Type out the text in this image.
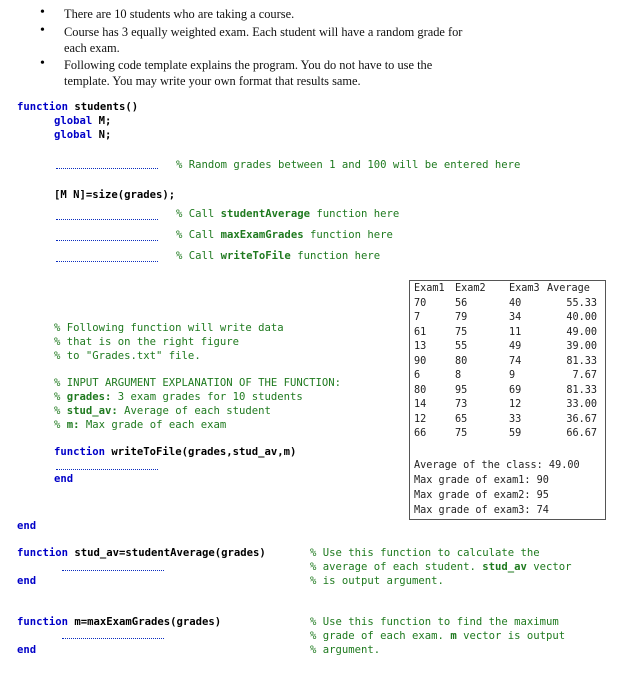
• There are 10 students who are taking a course.
• Course has 3 equally weighted exam. Each student will have a random grade for
each exam.
• Following code template explains the program. You do not have to use the
template. You may write your own format that results same.
function students()
global M;
global N;
% Random grades between 1 and 100 will be entered here
[M N]=size(grades);
% Call studentAverage function here
% Call maxExamGrades function here
% Call writeToFile function here
% Following function will write data
% that is on the right figure
% to "Grades.txt" file.
% INPUT ARGUMENT EXPLANATION OF THE FUNCTION:
% grades: 3 exam grades for 10 students
% stud_av: Average of each student
% m: Max grade of each exam
function writeToFile(grades,stud_av,m)
end
end
function stud_av=studentAverage(grades)
end
% Use this function to calculate the
% average of each student. stud_av vector
% is output argument.
function m=maxExamGrades(grades)
end
% Use this function to find the maximum
% grade of each exam. m vector is output
% argument.
Exam1	Exam2	Exam3	Average
70	56	40	55.33
7	79	34	40.00
61	75	11	49.00
13	55	49	39.00
90	80	74	81.33
6	8	9	7.67
80	95	69	81.33
14	73	12	33.00
12	65	33	36.67
66	75	59	66.67
Average of the class: 49.00
Max grade of exam1: 90
Max grade of exam2: 95
Max grade of exam3: 74
